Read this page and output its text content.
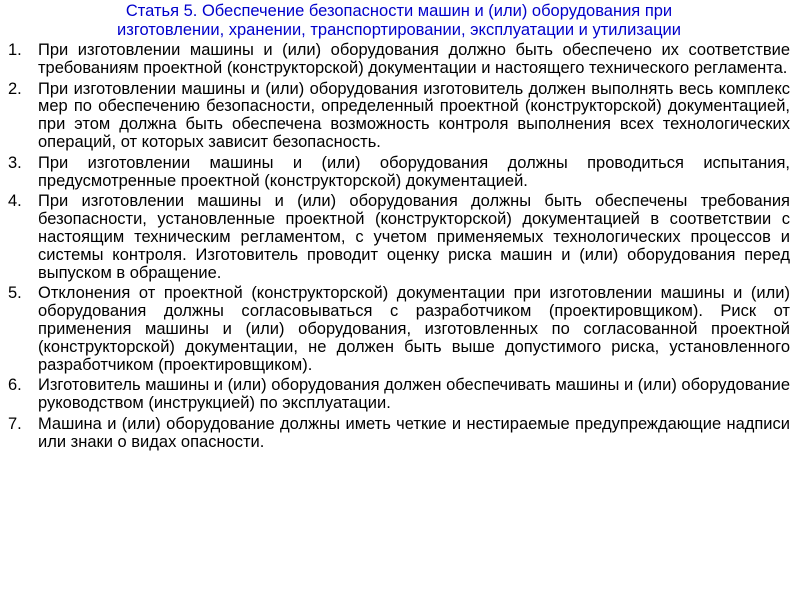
Статья 5. Обеспечение безопасности машин и (или) оборудования при
изготовлении, хранении, транспортировании, эксплуатации и утилизации
1. При изготовлении машины и (или) оборудования должно быть обеспечено их соответствие требованиям проектной (конструкторской) документации и настоящего технического регламента.
2. При изготовлении машины и (или) оборудования изготовитель должен выполнять весь комплекс мер по обеспечению безопасности, определенный проектной (конструкторской) документацией, при этом должна быть обеспечена возможность контроля выполнения всех технологических операций, от которых зависит безопасность.
3. При изготовлении машины и (или) оборудования должны проводиться испытания, предусмотренные проектной (конструкторской) документацией.
4. При изготовлении машины и (или) оборудования должны быть обеспечены требования безопасности, установленные проектной (конструкторской) документацией в соответствии с настоящим техническим регламентом, с учетом применяемых технологических процессов и системы контроля. Изготовитель проводит оценку риска машин и (или) оборудования перед выпуском в обращение.
5. Отклонения от проектной (конструкторской) документации при изготовлении машины и (или) оборудования должны согласовываться с разработчиком (проектировщиком). Риск от применения машины и (или) оборудования, изготовленных по согласованной проектной (конструкторской) документации, не должен быть выше допустимого риска, установленного разработчиком (проектировщиком).
6. Изготовитель машины и (или) оборудования должен обеспечивать машины и (или) оборудование руководством (инструкцией) по эксплуатации.
7. Машина и (или) оборудование должны иметь четкие и нестираемые предупреждающие надписи или знаки о видах опасности.
